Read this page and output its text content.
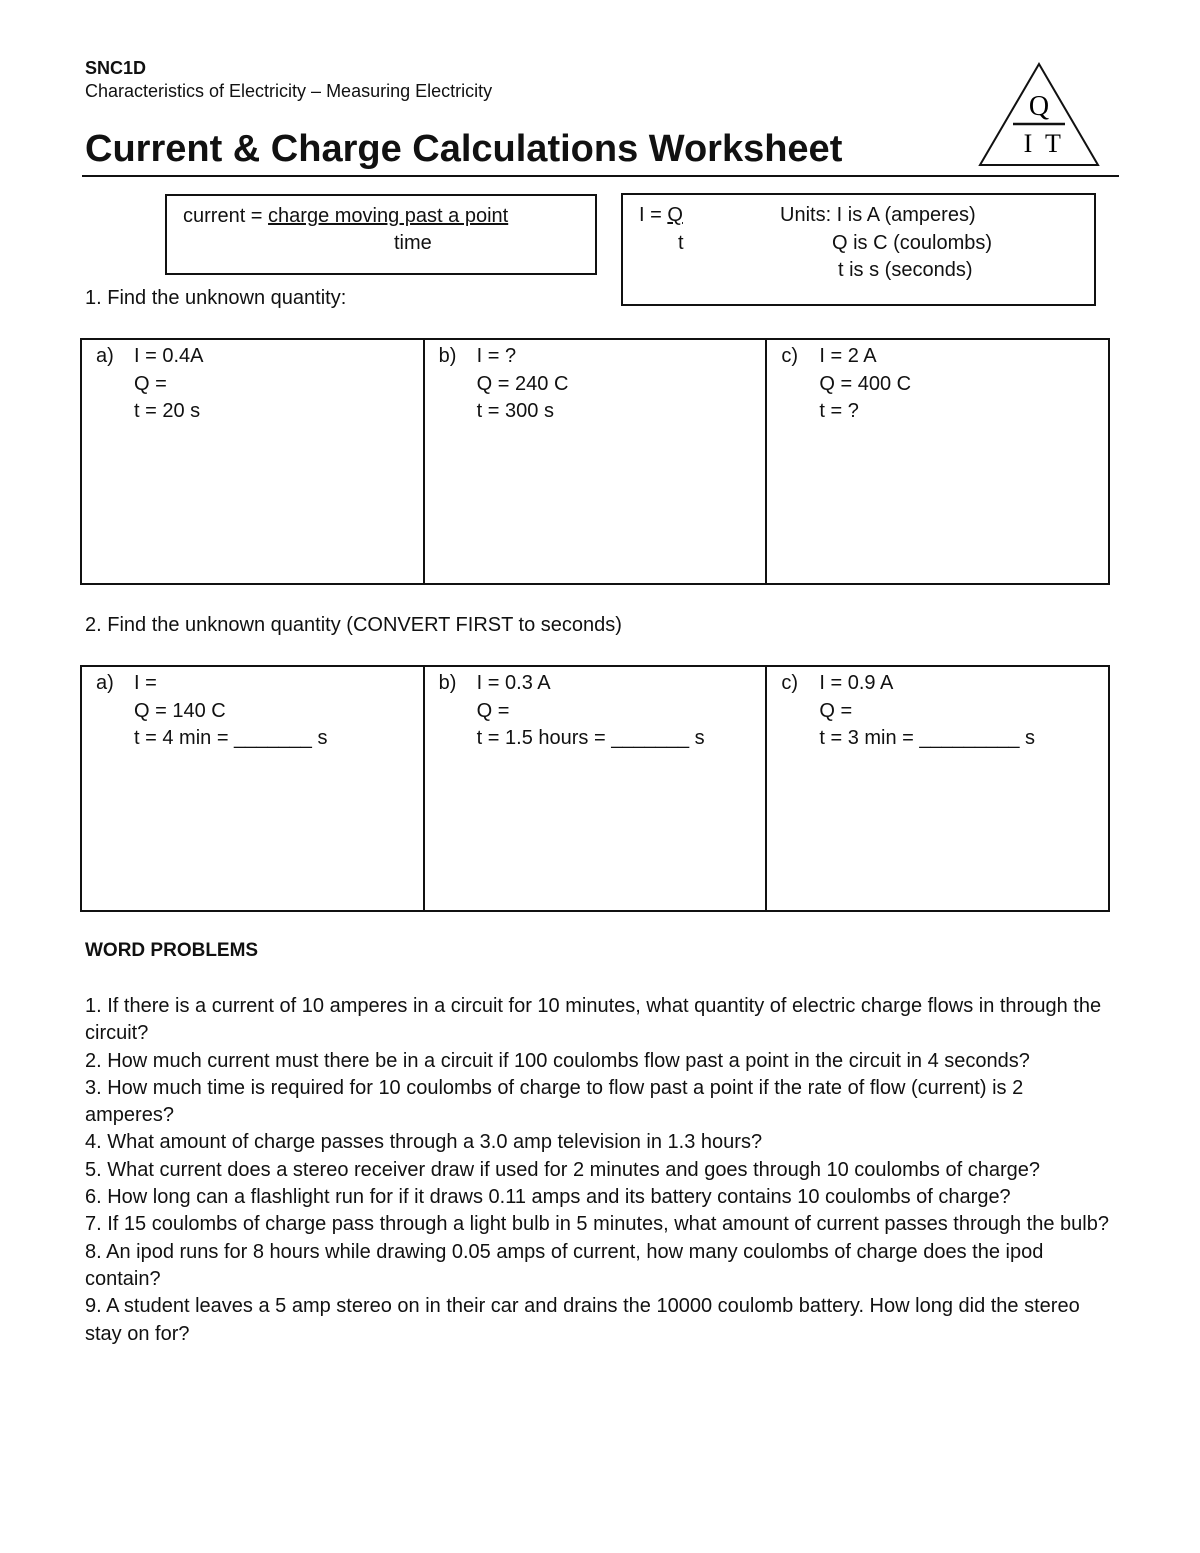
SNC1D
Characteristics of Electricity – Measuring Electricity
Current & Charge Calculations Worksheet
Q
I T
current = charge moving past a point
time
I = Q
t
Units: I is A (amperes)
Q is C (coulombs)
t is s (seconds)
1. Find the unknown quantity:
a) I = 0.4A
Q =
t = 20 s
b) I = ?
Q = 240 C
t = 300 s
c) I = 2 A
Q = 400 C
t = ?
2. Find the unknown quantity (CONVERT FIRST to seconds)
a) I =
Q = 140 C
t = 4 min = _______ s
b) I = 0.3 A
Q =
t = 1.5 hours = _______ s
c) I = 0.9 A
Q =
t = 3 min = _________ s
WORD PROBLEMS
1. If there is a current of 10 amperes in a circuit for 10 minutes, what quantity of electric charge flows in through the circuit?
2. How much current must there be in a circuit if 100 coulombs flow past a point in the circuit in 4 seconds?
3. How much time is required for 10 coulombs of charge to flow past a point if the rate of flow (current) is 2 amperes?
4. What amount of charge passes through a 3.0 amp television in 1.3 hours?
5. What current does a stereo receiver draw if used for 2 minutes and goes through 10 coulombs of charge?
6. How long can a flashlight run for if it draws 0.11 amps and its battery contains 10 coulombs of charge?
7. If 15 coulombs of charge pass through a light bulb in 5 minutes, what amount of current passes through the bulb?
8. An ipod runs for 8 hours while drawing 0.05 amps of current, how many coulombs of charge does the ipod contain?
9. A student leaves a 5 amp stereo on in their car and drains the 10000 coulomb battery. How long did the stereo stay on for?
